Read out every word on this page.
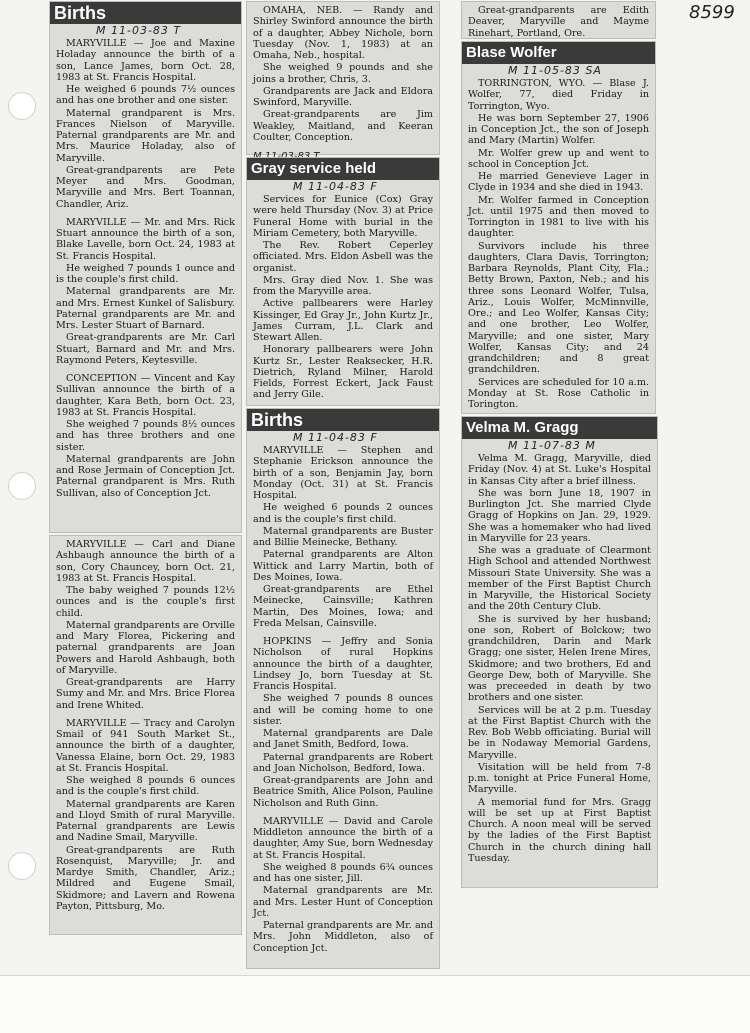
8599
Births
M 11-03-83 T

MARYVILLE — Joe and Maxine Holaday announce the birth of a son, Lance James, born Oct. 28, 1983 at St. Francis Hospital.

He weighed 6 pounds 7½ ounces and has one brother and one sister.

Maternal grandparent is Mrs. Frances Nielson of Maryville. Paternal grandparents are Mr. and Mrs. Maurice Holaday, also of Maryville.

Great-grandparents are Pete Meyer and Mrs. Goodman, Maryville and Mrs. Bert Toannan, Chandler, Ariz.

MARYVILLE — Mr. and Mrs. Rick Stuart announce the birth of a son, Blake Lavelle, born Oct. 24, 1983 at St. Francis Hospital.

He weighed 7 pounds 1 ounce and is the couple's first child.

Maternal grandparents are Mr. and Mrs. Ernest Kunkel of Salisbury. Paternal grandparents are Mr. and Mrs. Lester Stuart of Barnard.

Great-grandparents are Mr. Carl Stuart, Barnard and Mr. and Mrs. Raymond Peters, Keytesville.

CONCEPTION — Vincent and Kay Sullivan announce the birth of a daughter, Kara Beth, born Oct. 23, 1983 at St. Francis Hospital.

She weighed 7 pounds 8½ ounces and has three brothers and one sister.

Maternal grandparents are John and Rose Jermain of Conception Jct. Paternal grandparent is Mrs. Ruth Sullivan, also of Conception Jct.

MARYVILLE — Carl and Diane Ashbaugh announce the birth of a son, Cory Chauncey, born Oct. 21, 1983 at St. Francis Hospital.

The baby weighed 7 pounds 12½ ounces and is the couple's first child.

Maternal grandparents are Orville and Mary Florea, Pickering and paternal grandparents are Joan Powers and Harold Ashbaugh, both of Maryville.

Great-grandparents are Harry Sumy and Mr. and Mrs. Brice Florea and Irene Whited.

MARYVILLE — Tracy and Carolyn Smail of 941 South Market St., announce the birth of a daughter, Vanessa Elaine, born Oct. 29, 1983 at St. Francis Hospital.

She weighed 8 pounds 6 ounces and is the couple's first child.

Maternal grandparents are Karen and Lloyd Smith of rural Maryville. Paternal grandparents are Lewis and Nadine Smail, Maryville.

Great-grandparents are Ruth Rosenquist, Maryville; Jr. and Mardye Smith, Chandler, Ariz.; Mildred and Eugene Smail, Skidmore; and Lavern and Rowena Payton, Pittsburg, Mo.

OMAHA, NEB. — Randy and Shirley Swinford announce the birth of a daughter, Abbey Nichole, born Tuesday (Nov. 1, 1983) at an Omaha, Neb., hospital.

She weighed 9 pounds and she joins a brother, Chris, 3.

Grandparents are Jack and Eldora Swinford, Maryville.

Great-grandparents are Jim Weakley, Maitland, and Keeran Coulter, Conception.

Gray service held
M 11-04-83 F

Services for Eunice (Cox) Gray were held Thursday (Nov. 3) at Price Funeral Home with burial in the Miriam Cemetery, both Maryville.

The Rev. Robert Ceperley officiated. Mrs. Eldon Asbell was the organist.

Mrs. Gray died Nov. 1. She was from the Maryville area.

Active pallbearers were Harley Kissinger, Ed Gray Jr., John Kurtz Jr., James Curram, J.L. Clark and Stewart Allen.

Honorary pallbearers were John Kurtz Sr., Lester Reaksecker, H.R. Dietrich, Ryland Milner, Harold Fields, Forrest Eckert, Jack Faust and Jerry Gile.

Births
M 11-04-83 F

MARYVILLE — Stephen and Stephanie Erickson announce the birth of a son, Benjamin Jay, born Monday (Oct. 31) at St. Francis Hospital.

He weighed 6 pounds 2 ounces and is the couple's first child.

Maternal grandparents are Buster and Billie Meinecke, Bethany.

Paternal grandparents are Alton Wittick and Larry Martin, both of Des Moines, Iowa.

Great-grandparents are Ethel Meinecke, Cainsville; Kathren Martin, Des Moines, Iowa; and Freda Melsan, Cainsville.

HOPKINS — Jeffry and Sonia Nicholson of rural Hopkins announce the birth of a daughter, Lindsey Jo, born Tuesday at St. Francis Hospital.

She weighed 7 pounds 8 ounces and will be coming home to one sister.

Maternal grandparents are Dale and Janet Smith, Bedford, Iowa.

Paternal grandparents are Robert and Joan Nicholson, Bedford, Iowa.

Great-grandparents are John and Beatrice Smith, Alice Polson, Pauline Nicholson and Ruth Ginn.

MARYVILLE — David and Carole Middleton announce the birth of a daughter, Amy Sue, born Wednesday at St. Francis Hospital.

She weighed 8 pounds 6¾ ounces and has one sister, Jill.

Maternal grandparents are Mr. and Mrs. Lester Hunt of Conception Jct.

Paternal grandparents are Mr. and Mrs. John Middleton, also of Conception Jct.

Great-grandparents are Edith Deaver, Maryville and Mayme Rinehart, Portland, Ore.

Blase Wolfer
M 11-05-83 SA

TORRINGTON, WYO. — Blase J. Wolfer, 77, died Friday in Torrington, Wyo.

He was born September 27, 1906 in Conception Jct., the son of Joseph and Mary (Martin) Wolfer.

Mr. Wolfer grew up and went to school in Conception Jct.

He married Genevieve Lager in Clyde in 1934 and she died in 1943.

Mr. Wolfer farmed in Conception Jct. until 1975 and then moved to Torrington in 1981 to live with his daughter.

Survivors include his three daughters, Clara Davis, Torrington; Barbara Reynolds, Plant City, Fla.; Betty Brown, Paxton, Neb.; and his three sons Leonard Wolfer, Tulsa, Ariz., Louis Wolfer, McMinnville, Ore.; and Leo Wolfer, Kansas City; and one brother, Leo Wolfer, Maryville; and one sister, Mary Wolfer, Kansas City; and 24 grandchildren; and 8 great grandchildren.

Services are scheduled for 10 a.m. Monday at St. Rose Catholic in Torington.

Velma M. Gragg
M 11-07-83 M

Velma M. Gragg, Maryville, died Friday (Nov. 4) at St. Luke's Hospital in Kansas City after a brief illness.

She was born June 18, 1907 in Burlington Jct. She married Clyde Gragg of Hopkins on Jan. 29, 1929. She was a homemaker who had lived in Maryville for 23 years.

She was a graduate of Clearmont High School and attended Northwest Missouri State University. She was a member of the First Baptist Church in Maryville, the Historical Society and the 20th Century Club.

She is survived by her husband; one son, Robert of Bolckow; two grandchildren, Darin and Mark Gragg; one sister, Helen Irene Mires, Skidmore; and two brothers, Ed and George Dew, both of Maryville. She was preceeded in death by two brothers and one sister.

Services will be at 2 p.m. Tuesday at the First Baptist Church with the Rev. Bob Webb officiating. Burial will be in Nodaway Memorial Gardens, Maryville.

Visitation will be held from 7-8 p.m. tonight at Price Funeral Home, Maryville.

A memorial fund for Mrs. Gragg will be set up at First Baptist Church. A noon meal will be served by the ladies of the First Baptist Church in the church dining hall Tuesday.
